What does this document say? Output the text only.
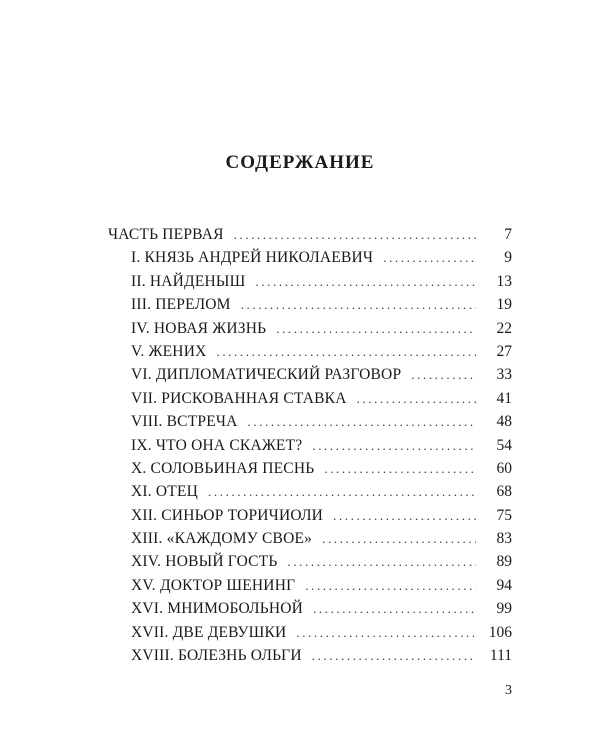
СОДЕРЖАНИЕ
ЧАСТЬ ПЕРВАЯ .....	7
I. КНЯЗЬ АНДРЕЙ НИКОЛАЕВИЧ .....	9
II. НАЙДЕНЫШ .....	13
III. ПЕРЕЛОМ .....	19
IV. НОВАЯ ЖИЗНЬ .....	22
V. ЖЕНИХ .....	27
VI. ДИПЛОМАТИЧЕСКИЙ РАЗГОВОР .....	33
VII. РИСКОВАННАЯ СТАВКА .....	41
VIII. ВСТРЕЧА .....	48
IX. ЧТО ОНА СКАЖЕТ? .....	54
X. СОЛОВЬИНАЯ ПЕСНЬ .....	60
XI. ОТЕЦ .....	68
XII. СИНЬОР ТОРИЧИОЛИ .....	75
XIII. «КАЖДОМУ СВОЕ» .....	83
XIV. НОВЫЙ ГОСТЬ .....	89
XV. ДОКТОР ШЕНИНГ .....	94
XVI. МНИМОБОЛЬНОЙ .....	99
XVII. ДВЕ ДЕВУШКИ .....	106
XVIII. БОЛЕЗНЬ ОЛЬГИ .....	111
3
